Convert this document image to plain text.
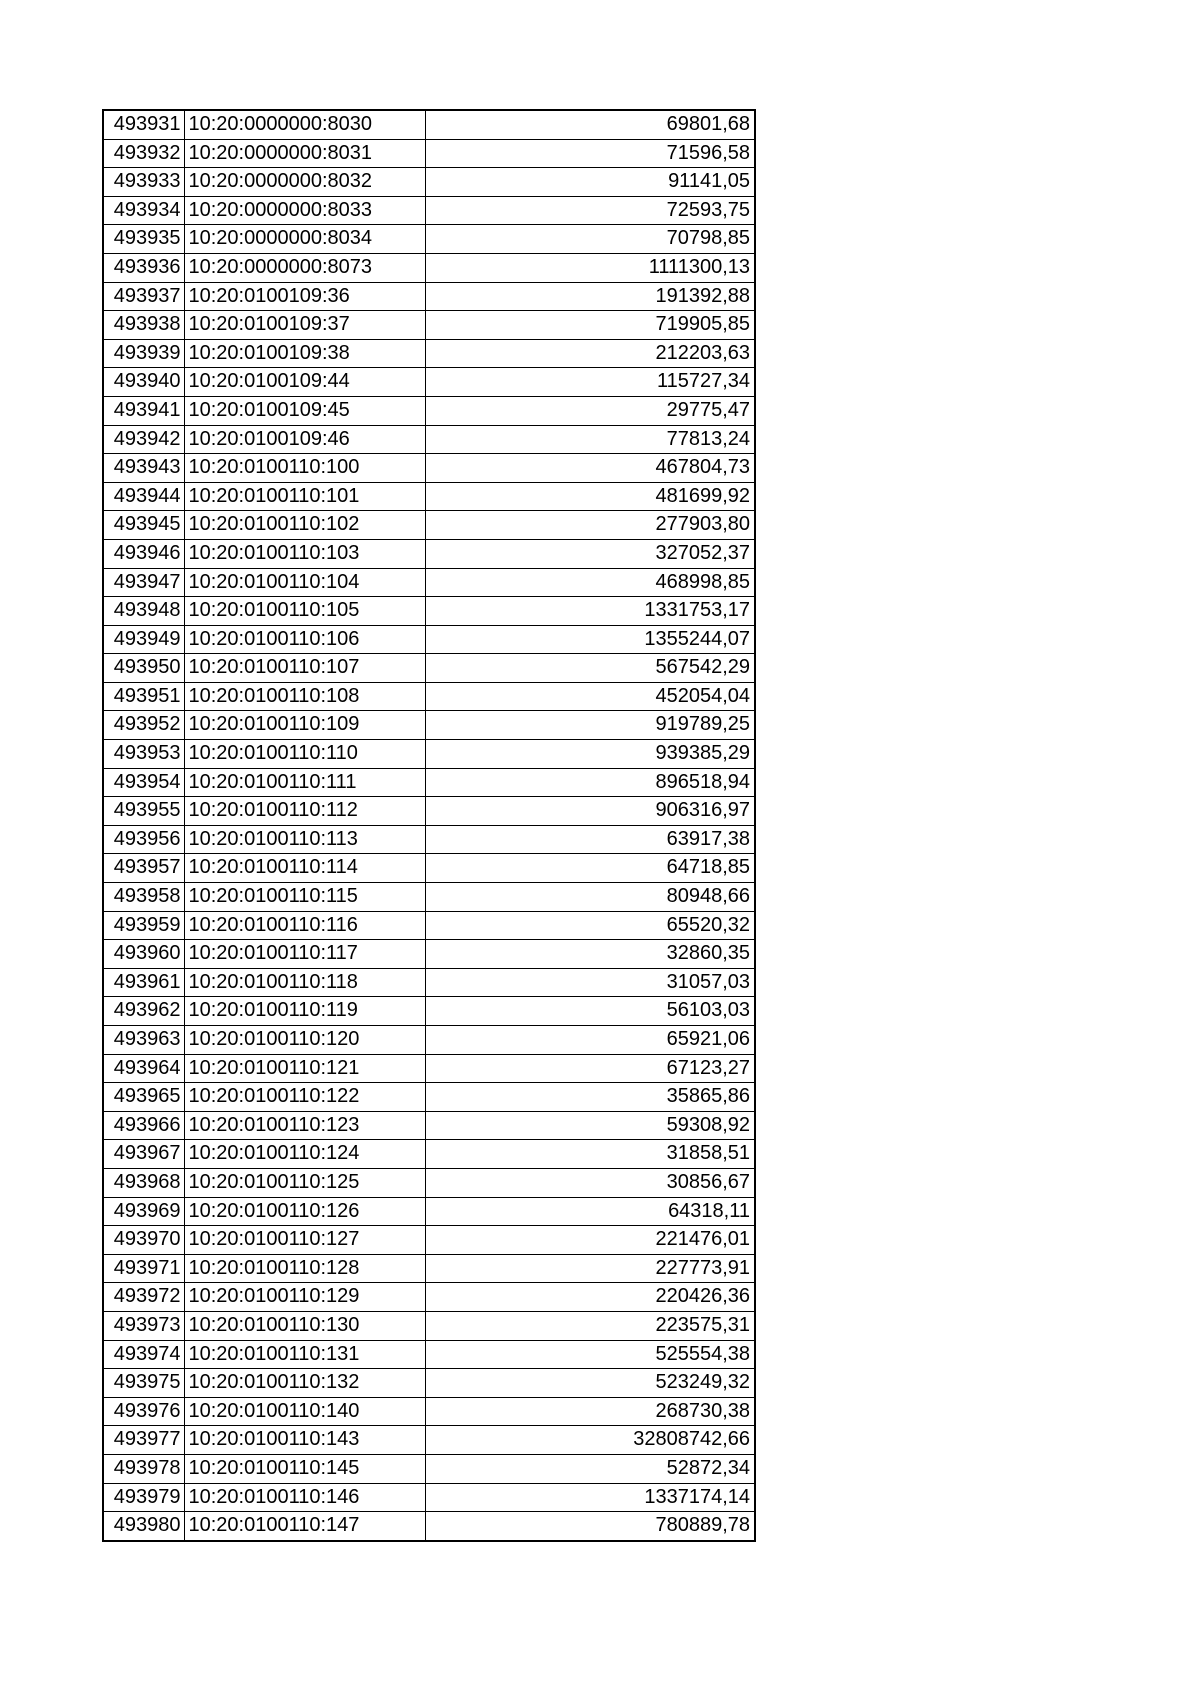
493931	10:20:0000000:8030	69801,68
493932	10:20:0000000:8031	71596,58
493933	10:20:0000000:8032	91141,05
493934	10:20:0000000:8033	72593,75
493935	10:20:0000000:8034	70798,85
493936	10:20:0000000:8073	1111300,13
493937	10:20:0100109:36	191392,88
493938	10:20:0100109:37	719905,85
493939	10:20:0100109:38	212203,63
493940	10:20:0100109:44	115727,34
493941	10:20:0100109:45	29775,47
493942	10:20:0100109:46	77813,24
493943	10:20:0100110:100	467804,73
493944	10:20:0100110:101	481699,92
493945	10:20:0100110:102	277903,80
493946	10:20:0100110:103	327052,37
493947	10:20:0100110:104	468998,85
493948	10:20:0100110:105	1331753,17
493949	10:20:0100110:106	1355244,07
493950	10:20:0100110:107	567542,29
493951	10:20:0100110:108	452054,04
493952	10:20:0100110:109	919789,25
493953	10:20:0100110:110	939385,29
493954	10:20:0100110:111	896518,94
493955	10:20:0100110:112	906316,97
493956	10:20:0100110:113	63917,38
493957	10:20:0100110:114	64718,85
493958	10:20:0100110:115	80948,66
493959	10:20:0100110:116	65520,32
493960	10:20:0100110:117	32860,35
493961	10:20:0100110:118	31057,03
493962	10:20:0100110:119	56103,03
493963	10:20:0100110:120	65921,06
493964	10:20:0100110:121	67123,27
493965	10:20:0100110:122	35865,86
493966	10:20:0100110:123	59308,92
493967	10:20:0100110:124	31858,51
493968	10:20:0100110:125	30856,67
493969	10:20:0100110:126	64318,11
493970	10:20:0100110:127	221476,01
493971	10:20:0100110:128	227773,91
493972	10:20:0100110:129	220426,36
493973	10:20:0100110:130	223575,31
493974	10:20:0100110:131	525554,38
493975	10:20:0100110:132	523249,32
493976	10:20:0100110:140	268730,38
493977	10:20:0100110:143	32808742,66
493978	10:20:0100110:145	52872,34
493979	10:20:0100110:146	1337174,14
493980	10:20:0100110:147	780889,78
